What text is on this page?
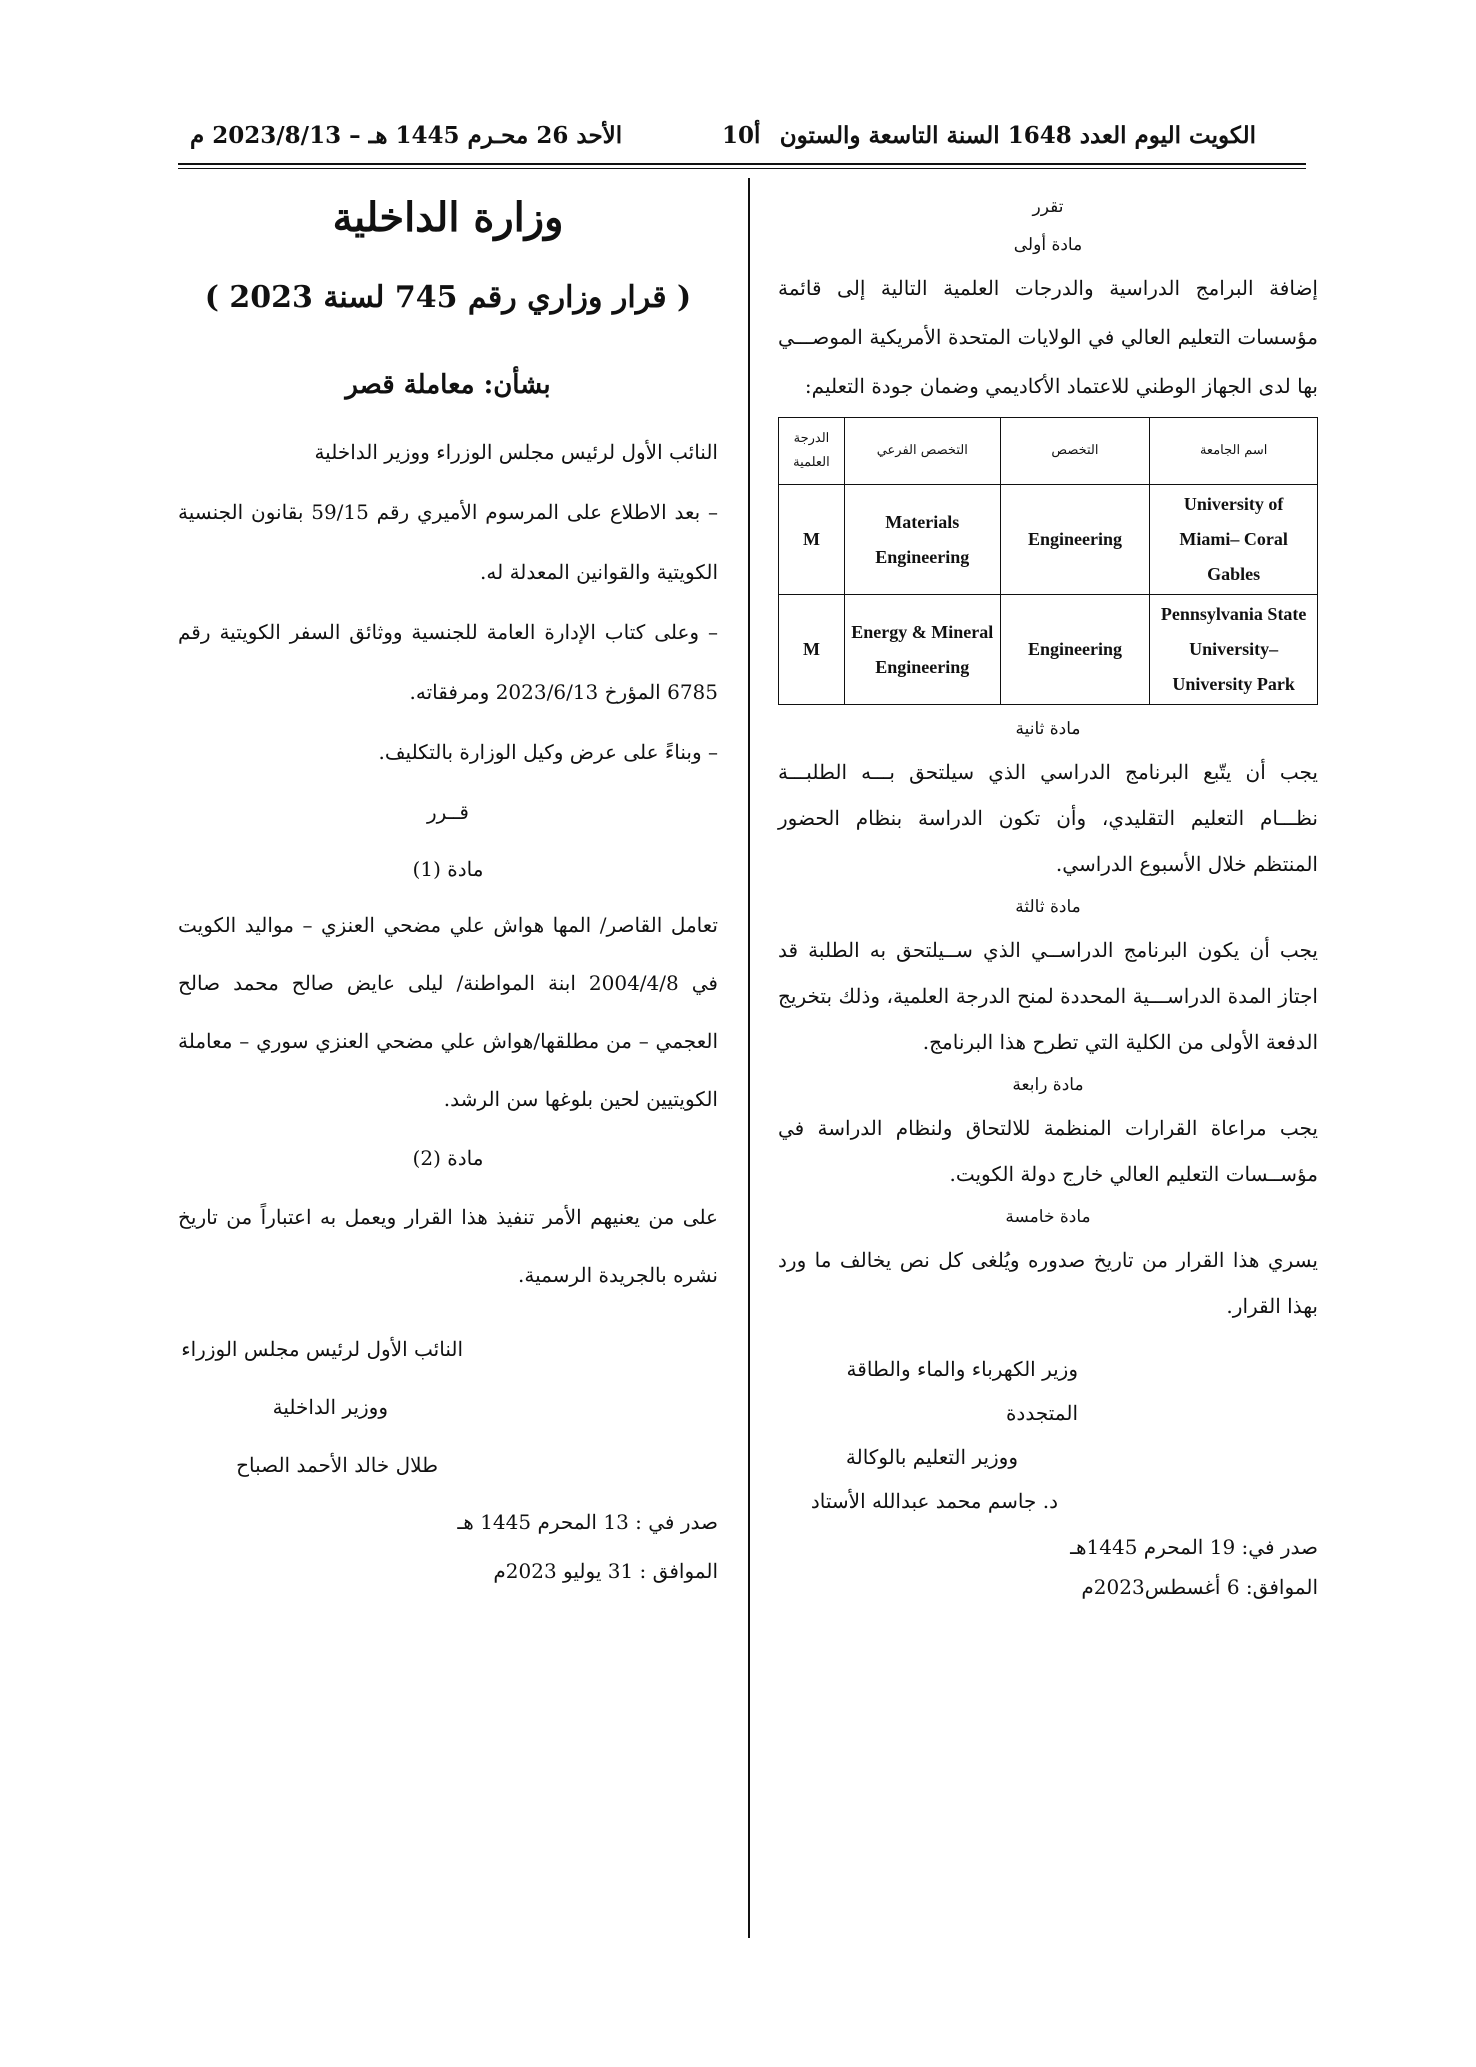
الكويت اليوم العدد 1648 السنة التاسعة والستون
10أ
الأحد 26 محـرم 1445 هـ – 2023/8/13 م

تقرر

مادة أولى

إضافة البرامج الدراسية والدرجات العلمية التالية إلى قائمة مؤسسات التعليم العالي في الولايات المتحدة الأمريكية الموصـــي بها لدى الجهاز الوطني للاعتماد الأكاديمي وضمان جودة التعليم:

اسم الجامعة	التخصص	التخصص الفرعي	الدرجة العلمية
University of Miami– Coral Gables	Engineering	Materials Engineering	M
Pennsylvania State University– University Park	Engineering	Energy & Mineral Engineering	M

مادة ثانية

يجب أن يتّبع البرنامج الدراسي الذي سيلتحق بـــه الطلبـــة نظـــام التعليم التقليدي، وأن تكون الدراسة بنظام الحضور المنتظم خلال الأسبوع الدراسي.

مادة ثالثة

يجب أن يكون البرنامج الدراســي الذي ســيلتحق به الطلبة قد اجتاز المدة الدراســـية المحددة لمنح الدرجة العلمية، وذلك بتخريج الدفعة الأولى من الكلية التي تطرح هذا البرنامج.

مادة رابعة

يجب مراعاة القرارات المنظمة للالتحاق ولنظام الدراسة في مؤســسات التعليم العالي خارج دولة الكويت.

مادة خامسة

يسري هذا القرار من تاريخ صدوره ويُلغى كل نص يخالف ما ورد بهذا القرار.

وزير الكهرباء والماء والطاقة المتجددة

ووزير التعليم بالوكالة

د. جاسم محمد عبدالله الأستاد

صدر في: 19 المحرم 1445هـ

الموافق: 6 أغسطس2023م

وزارة الداخلية

( قرار وزاري رقم 745 لسنة 2023 )

بشأن: معاملة قصر

النائب الأول لرئيس مجلس الوزراء ووزير الداخلية

– بعد الاطلاع على المرسوم الأميري رقم 59/15 بقانون الجنسية الكويتية والقوانين المعدلة له.

– وعلى كتاب الإدارة العامة للجنسية ووثائق السفر الكويتية رقم 6785 المؤرخ 2023/6/13 ومرفقاته.

– وبناءً على عرض وكيل الوزارة بالتكليف.

قــرر

مادة (1)

تعامل القاصر/ المها هواش علي مضحي العنزي – مواليد الكويت في 2004/4/8 ابنة المواطنة/ ليلى عايض صالح محمد صالح العجمي – من مطلقها/هواش علي مضحي العنزي سوري – معاملة الكويتيين لحين بلوغها سن الرشد.

مادة (2)

على من يعنيهم الأمر تنفيذ هذا القرار ويعمل به اعتباراً من تاريخ نشره بالجريدة الرسمية.

النائب الأول لرئيس مجلس الوزراء

ووزير الداخلية

طلال خالد الأحمد الصباح

صدر في : 13 المحرم 1445 هـ

الموافق : 31 يوليو 2023م
